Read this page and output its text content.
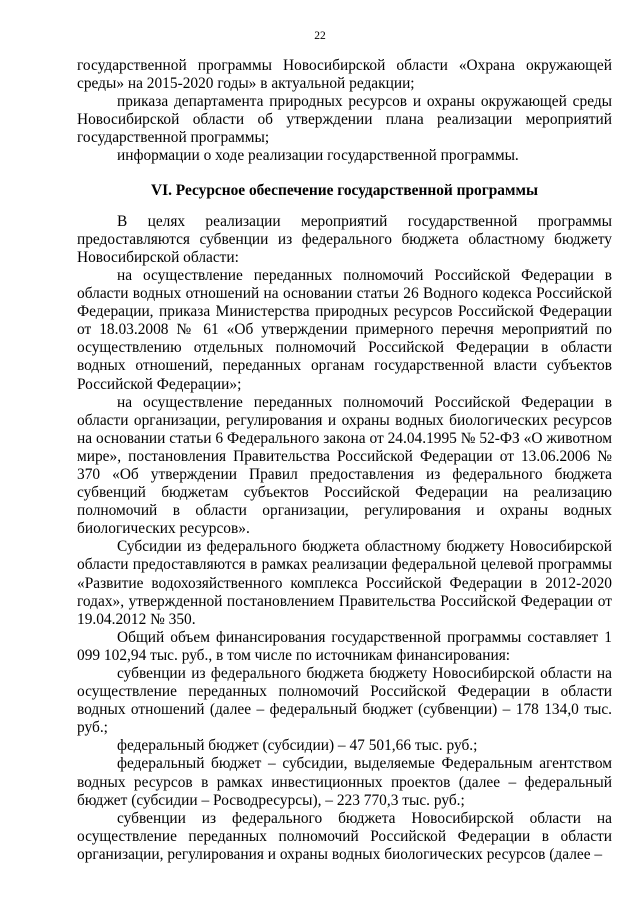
22

государственной программы Новосибирской области «Охрана окружающей среды» на 2015-2020 годы» в актуальной редакции;

приказа департамента природных ресурсов и охраны окружающей среды Новосибирской области об утверждении плана реализации мероприятий государственной программы;

информации о ходе реализации государственной программы.

VI. Ресурсное обеспечение государственной программы

В целях реализации мероприятий государственной программы предоставляются субвенции из федерального бюджета областному бюджету Новосибирской области:

на осуществление переданных полномочий Российской Федерации в области водных отношений на основании статьи 26 Водного кодекса Российской Федерации, приказа Министерства природных ресурсов Российской Федерации от 18.03.2008 № 61 «Об утверждении примерного перечня мероприятий по осуществлению отдельных полномочий Российской Федерации в области водных отношений, переданных органам государственной власти субъектов Российской Федерации»;

на осуществление переданных полномочий Российской Федерации в области организации, регулирования и охраны водных биологических ресурсов на основании статьи 6 Федерального закона от 24.04.1995 № 52-ФЗ «О животном мире», постановления Правительства Российской Федерации от 13.06.2006 № 370 «Об утверждении Правил предоставления из федерального бюджета субвенций бюджетам субъектов Российской Федерации на реализацию полномочий в области организации, регулирования и охраны водных биологических ресурсов».

Субсидии из федерального бюджета областному бюджету Новосибирской области предоставляются в рамках реализации федеральной целевой программы «Развитие водохозяйственного комплекса Российской Федерации в 2012-2020 годах», утвержденной постановлением Правительства Российской Федерации от 19.04.2012 № 350.

Общий объем финансирования государственной программы составляет 1 099 102,94 тыс. руб., в том числе по источникам финансирования:

субвенции из федерального бюджета бюджету Новосибирской области на осуществление переданных полномочий Российской Федерации в области водных отношений (далее – федеральный бюджет (субвенции) – 178 134,0 тыс. руб.;

федеральный бюджет (субсидии) – 47 501,66 тыс. руб.;

федеральный бюджет – субсидии, выделяемые Федеральным агентством водных ресурсов в рамках инвестиционных проектов (далее – федеральный бюджет (субсидии – Росводресурсы), – 223 770,3 тыс. руб.;

субвенции из федерального бюджета Новосибирской области на осуществление переданных полномочий Российской Федерации в области организации, регулирования и охраны водных биологических ресурсов (далее –
